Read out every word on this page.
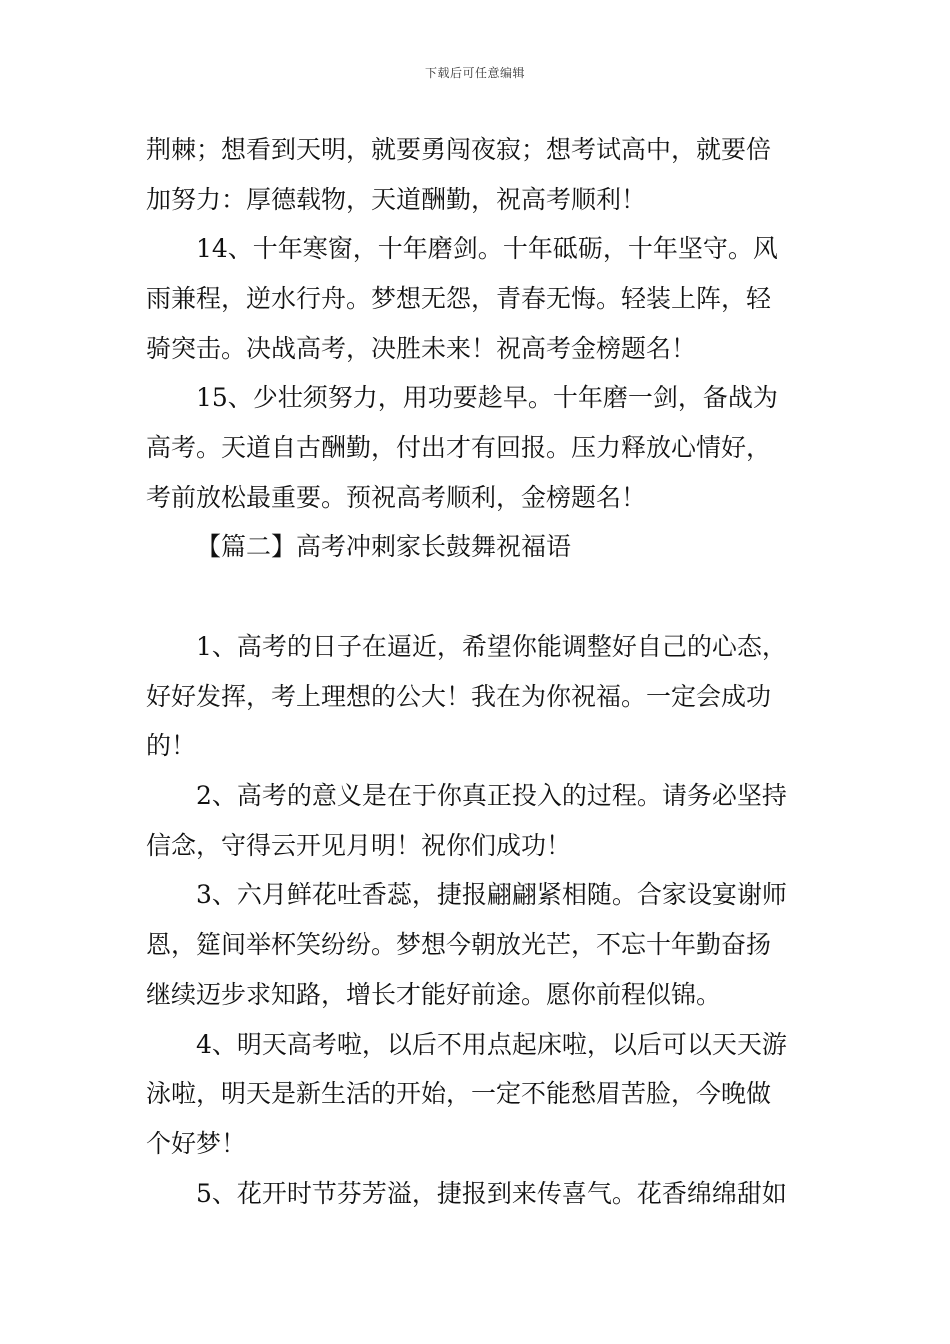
下载后可任意编辑
荆棘；想看到天明，就要勇闯夜寂；想考试高中，就要倍
加努力：厚德载物，天道酬勤，祝高考顺利！
14、十年寒窗，十年磨剑。十年砥砺，十年坚守。风
雨兼程，逆水行舟。梦想无怨，青春无悔。轻装上阵，轻
骑突击。决战高考，决胜未来！祝高考金榜题名！
15、少壮须努力，用功要趁早。十年磨一剑，备战为
高考。天道自古酬勤，付出才有回报。压力释放心情好，
考前放松最重要。预祝高考顺利，金榜题名！
【篇二】高考冲刺家长鼓舞祝福语
1、高考的日子在逼近，希望你能调整好自己的心态，
好好发挥，考上理想的公大！我在为你祝福。一定会成功
的！
2、高考的意义是在于你真正投入的过程。请务必坚持
信念，守得云开见月明！祝你们成功！
3、六月鲜花吐香蕊，捷报翩翩紧相随。合家设宴谢师
恩，筵间举杯笑纷纷。梦想今朝放光芒，不忘十年勤奋扬
继续迈步求知路，增长才能好前途。愿你前程似锦。
4、明天高考啦，以后不用点起床啦，以后可以天天游
泳啦，明天是新生活的开始，一定不能愁眉苦脸，今晚做
个好梦！
5、花开时节芬芳溢，捷报到来传喜气。花香绵绵甜如
